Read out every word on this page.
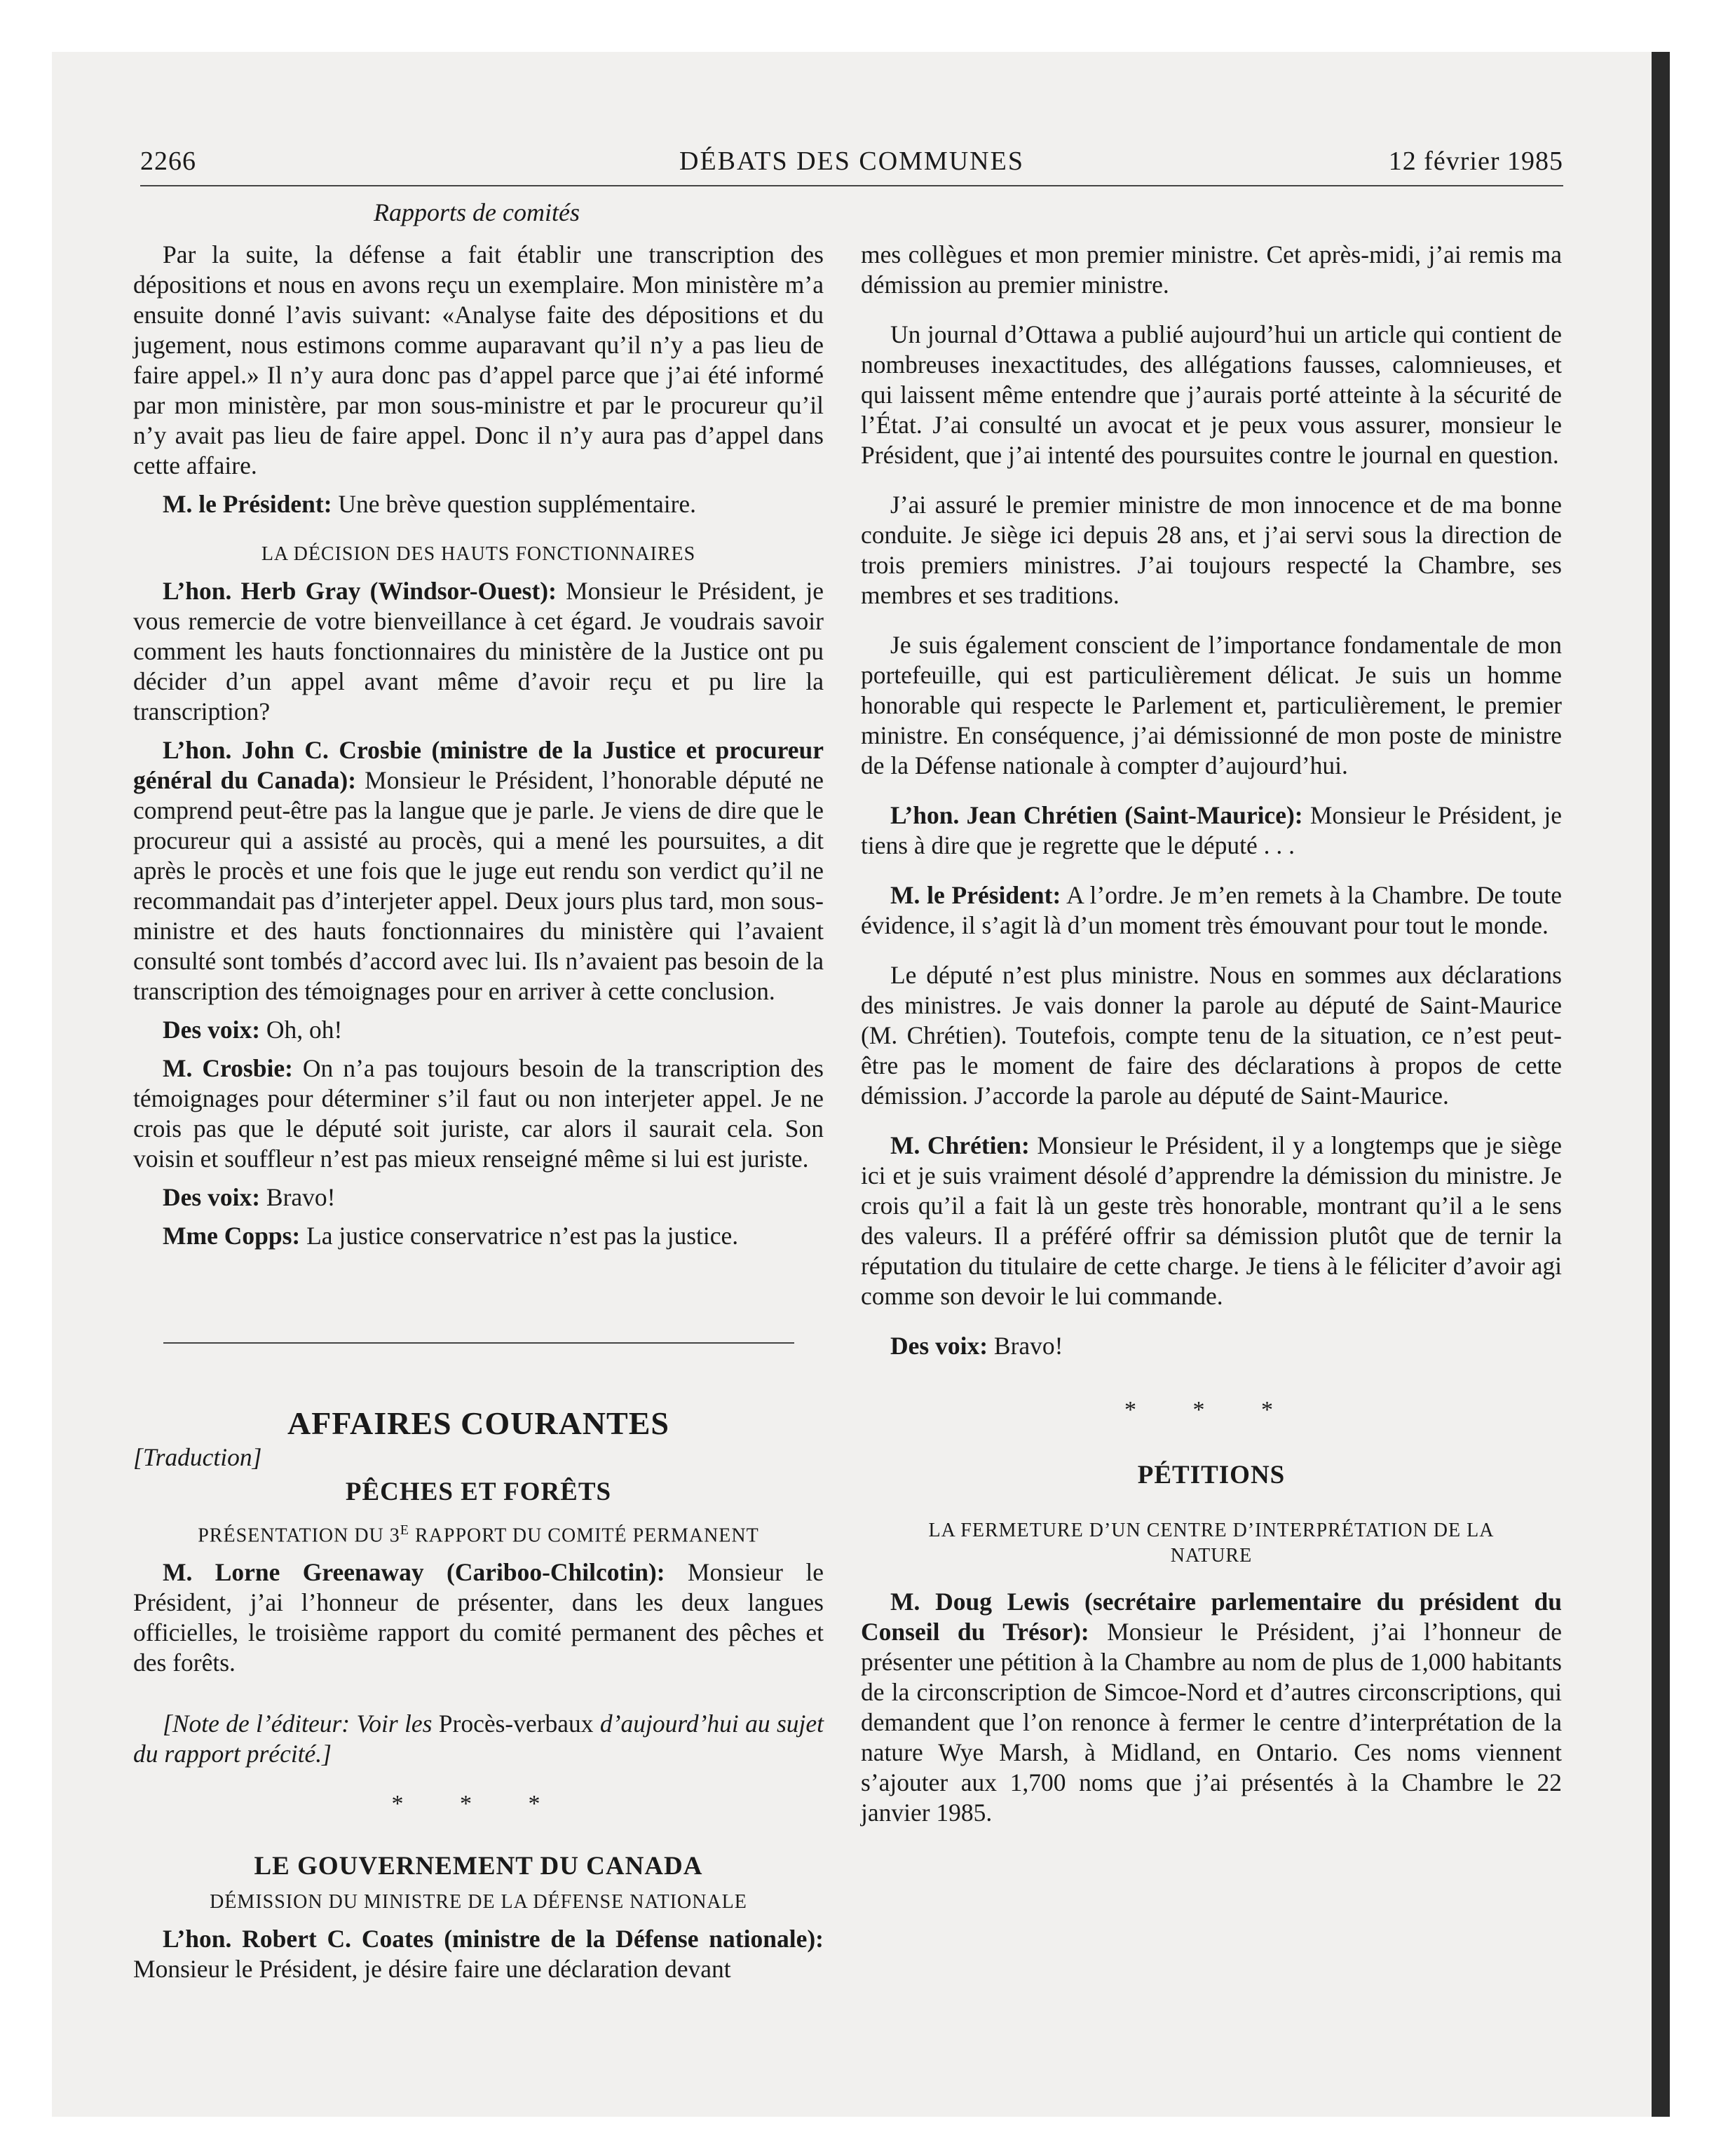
2266	DÉBATS DES COMMUNES	12 février 1985
Rapports de comités

Par la suite, la défense a fait établir une transcription des dépositions et nous en avons reçu un exemplaire. Mon ministère m’a ensuite donné l’avis suivant: «Analyse faite des dépositions et du jugement, nous estimons comme auparavant qu’il n’y a pas lieu de faire appel.» Il n’y aura donc pas d’appel parce que j’ai été informé par mon ministère, par mon sous-ministre et par le procureur qu’il n’y avait pas lieu de faire appel. Donc il n’y aura pas d’appel dans cette affaire.

M. le Président: Une brève question supplémentaire.

LA DÉCISION DES HAUTS FONCTIONNAIRES

L’hon. Herb Gray (Windsor-Ouest): Monsieur le Président, je vous remercie de votre bienveillance à cet égard. Je voudrais savoir comment les hauts fonctionnaires du ministère de la Justice ont pu décider d’un appel avant même d’avoir reçu et pu lire la transcription?

L’hon. John C. Crosbie (ministre de la Justice et procureur général du Canada): Monsieur le Président, l’honorable député ne comprend peut-être pas la langue que je parle. Je viens de dire que le procureur qui a assisté au procès, qui a mené les poursuites, a dit après le procès et une fois que le juge eut rendu son verdict qu’il ne recommandait pas d’interjeter appel. Deux jours plus tard, mon sous-ministre et des hauts fonctionnaires du ministère qui l’avaient consulté sont tombés d’accord avec lui. Ils n’avaient pas besoin de la transcription des témoignages pour en arriver à cette conclusion.

Des voix: Oh, oh!

M. Crosbie: On n’a pas toujours besoin de la transcription des témoignages pour déterminer s’il faut ou non interjeter appel. Je ne crois pas que le député soit juriste, car alors il saurait cela. Son voisin et souffleur n’est pas mieux renseigné même si lui est juriste.

Des voix: Bravo!

Mme Copps: La justice conservatrice n’est pas la justice.

AFFAIRES COURANTES

[Traduction]

PÊCHES ET FORÊTS

PRÉSENTATION DU $3^E$ RAPPORT DU COMITÉ PERMANENT

M. Lorne Greenaway (Cariboo-Chilcotin): Monsieur le Président, j’ai l’honneur de présenter, dans les deux langues officielles, le troisième rapport du comité permanent des pêches et des forêts.

[Note de l’éditeur: Voir les Procès-verbaux d’aujourd’hui au sujet du rapport précité.]

* * *

LE GOUVERNEMENT DU CANADA

DÉMISSION DU MINISTRE DE LA DÉFENSE NATIONALE

L’hon. Robert C. Coates (ministre de la Défense nationale): Monsieur le Président, je désire faire une déclaration devant

mes collègues et mon premier ministre. Cet après-midi, j’ai remis ma démission au premier ministre.

Un journal d’Ottawa a publié aujourd’hui un article qui contient de nombreuses inexactitudes, des allégations fausses, calomnieuses, et qui laissent même entendre que j’aurais porté atteinte à la sécurité de l’État. J’ai consulté un avocat et je peux vous assurer, monsieur le Président, que j’ai intenté des poursuites contre le journal en question.

J’ai assuré le premier ministre de mon innocence et de ma bonne conduite. Je siège ici depuis 28 ans, et j’ai servi sous la direction de trois premiers ministres. J’ai toujours respecté la Chambre, ses membres et ses traditions.

Je suis également conscient de l’importance fondamentale de mon portefeuille, qui est particulièrement délicat. Je suis un homme honorable qui respecte le Parlement et, particulièrement, le premier ministre. En conséquence, j’ai démissionné de mon poste de ministre de la Défense nationale à compter d’aujourd’hui.

L’hon. Jean Chrétien (Saint-Maurice): Monsieur le Président, je tiens à dire que je regrette que le député . . .

M. le Président: A l’ordre. Je m’en remets à la Chambre. De toute évidence, il s’agit là d’un moment très émouvant pour tout le monde.

Le député n’est plus ministre. Nous en sommes aux déclarations des ministres. Je vais donner la parole au député de Saint-Maurice (M. Chrétien). Toutefois, compte tenu de la situation, ce n’est peut-être pas le moment de faire des déclarations à propos de cette démission. J’accorde la parole au député de Saint-Maurice.

M. Chrétien: Monsieur le Président, il y a longtemps que je siège ici et je suis vraiment désolé d’apprendre la démission du ministre. Je crois qu’il a fait là un geste très honorable, montrant qu’il a le sens des valeurs. Il a préféré offrir sa démission plutôt que de ternir la réputation du titulaire de cette charge. Je tiens à le féliciter d’avoir agi comme son devoir le lui commande.

Des voix: Bravo!

* * *

PÉTITIONS

LA FERMETURE D’UN CENTRE D’INTERPRÉTATION DE LA NATURE

M. Doug Lewis (secrétaire parlementaire du président du Conseil du Trésor): Monsieur le Président, j’ai l’honneur de présenter une pétition à la Chambre au nom de plus de 1,000 habitants de la circonscription de Simcoe-Nord et d’autres circonscriptions, qui demandent que l’on renonce à fermer le centre d’interprétation de la nature Wye Marsh, à Midland, en Ontario. Ces noms viennent s’ajouter aux 1,700 noms que j’ai présentés à la Chambre le 22 janvier 1985.
